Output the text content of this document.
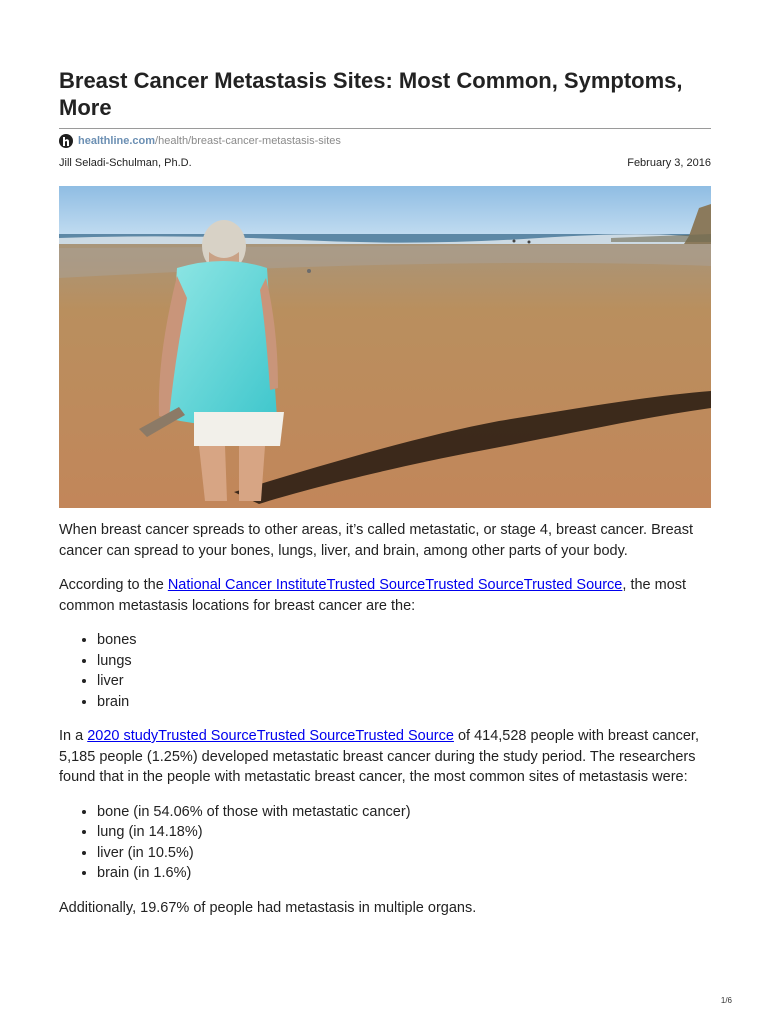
Breast Cancer Metastasis Sites: Most Common, Symptoms, More
healthline.com /health/breast-cancer-metastasis-sites
Jill Seladi-Schulman, Ph.D.	February 3, 2016

When breast cancer spreads to other areas, it’s called metastatic, or stage 4, breast cancer. Breast cancer can spread to your bones, lungs, liver, and brain, among other parts of your body.

According to the National Cancer InstituteTrusted SourceTrusted SourceTrusted Source, the most common metastasis locations for breast cancer are the:

• bones
• lungs
• liver
• brain

In a 2020 studyTrusted SourceTrusted SourceTrusted Source of 414,528 people with breast cancer, 5,185 people (1.25%) developed metastatic breast cancer during the study period. The researchers found that in the people with metastatic breast cancer, the most common sites of metastasis were:

• bone (in 54.06% of those with metastatic cancer)
• lung (in 14.18%)
• liver (in 10.5%)
• brain (in 1.6%)

Additionally, 19.67% of people had metastasis in multiple organs.

1/6
